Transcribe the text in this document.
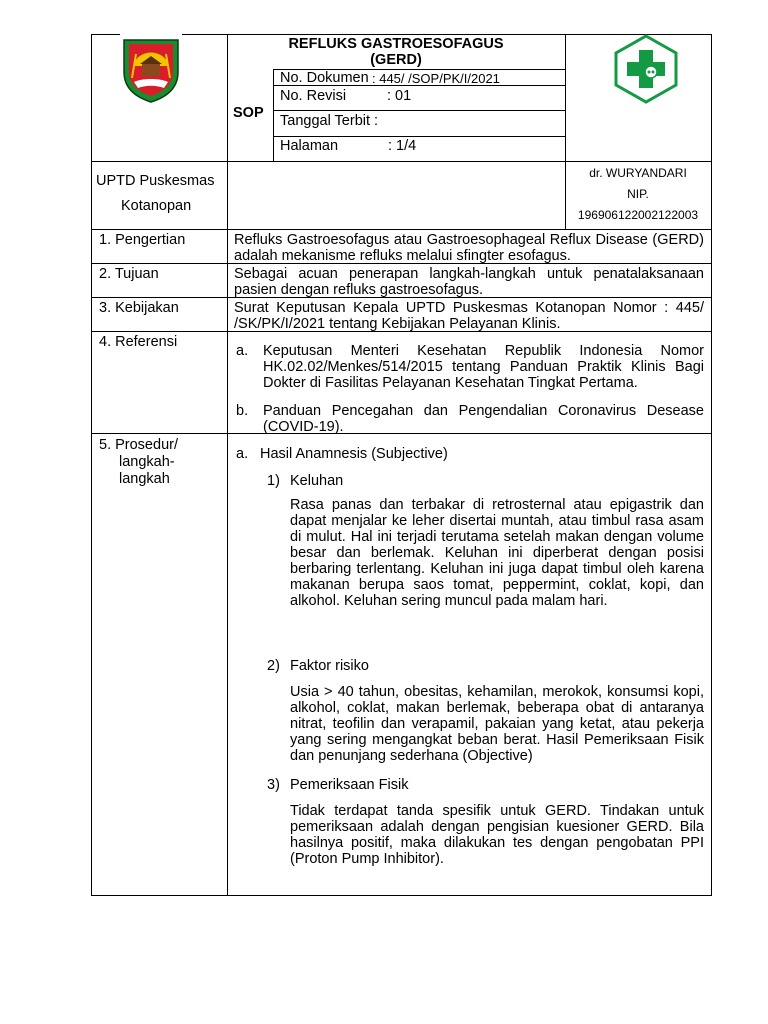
REFLUKS GASTROESOFAGUS
(GERD)
SOP
No. Dokumen : 445/ /SOP/PK/I/2021
No. Revisi	: 01
Tanggal Terbit :
Halaman	: 1/4
UPTD Puskesmas
Kotanopan
dr. WURYANDARI
NIP.
196906122002122003
1. Pengertian
2. Tujuan
3. Kebijakan
4. Referensi
5. Prosedur/
langkah-
langkah
Refluks Gastroesofagus atau Gastroesophageal Reflux Disease (GERD) adalah mekanisme refluks melalui sfingter esofagus.
Sebagai acuan penerapan langkah-langkah untuk penatalaksanaan pasien dengan refluks gastroesofagus.
Surat Keputusan Kepala UPTD Puskesmas Kotanopan Nomor : 445/ /SK/PK/I/2021 tentang Kebijakan Pelayanan Klinis.
a. Keputusan Menteri Kesehatan Republik Indonesia Nomor HK.02.02/Menkes/514/2015 tentang Panduan Praktik Klinis Bagi Dokter di Fasilitas Pelayanan Kesehatan Tingkat Pertama.
b. Panduan Pencegahan dan Pengendalian Coronavirus Desease (COVID-19).
a. Hasil Anamnesis (Subjective)
1) Keluhan
Rasa panas dan terbakar di retrosternal atau epigastrik dan dapat menjalar ke leher disertai muntah, atau timbul rasa asam di mulut. Hal ini terjadi terutama setelah makan dengan volume besar dan berlemak. Keluhan ini diperberat dengan posisi berbaring terlentang. Keluhan ini juga dapat timbul oleh karena makanan berupa saos tomat, peppermint, coklat, kopi, dan alkohol. Keluhan sering muncul pada malam hari.
2) Faktor risiko
Usia > 40 tahun, obesitas, kehamilan, merokok, konsumsi kopi, alkohol, coklat, makan berlemak, beberapa obat di antaranya nitrat, teofilin dan verapamil, pakaian yang ketat, atau pekerja yang sering mengangkat beban berat. Hasil Pemeriksaan Fisik dan penunjang sederhana (Objective)
3) Pemeriksaan Fisik
Tidak terdapat tanda spesifik untuk GERD. Tindakan untuk pemeriksaan adalah dengan pengisian kuesioner GERD. Bila hasilnya positif, maka dilakukan tes dengan pengobatan PPI (Proton Pump Inhibitor).
